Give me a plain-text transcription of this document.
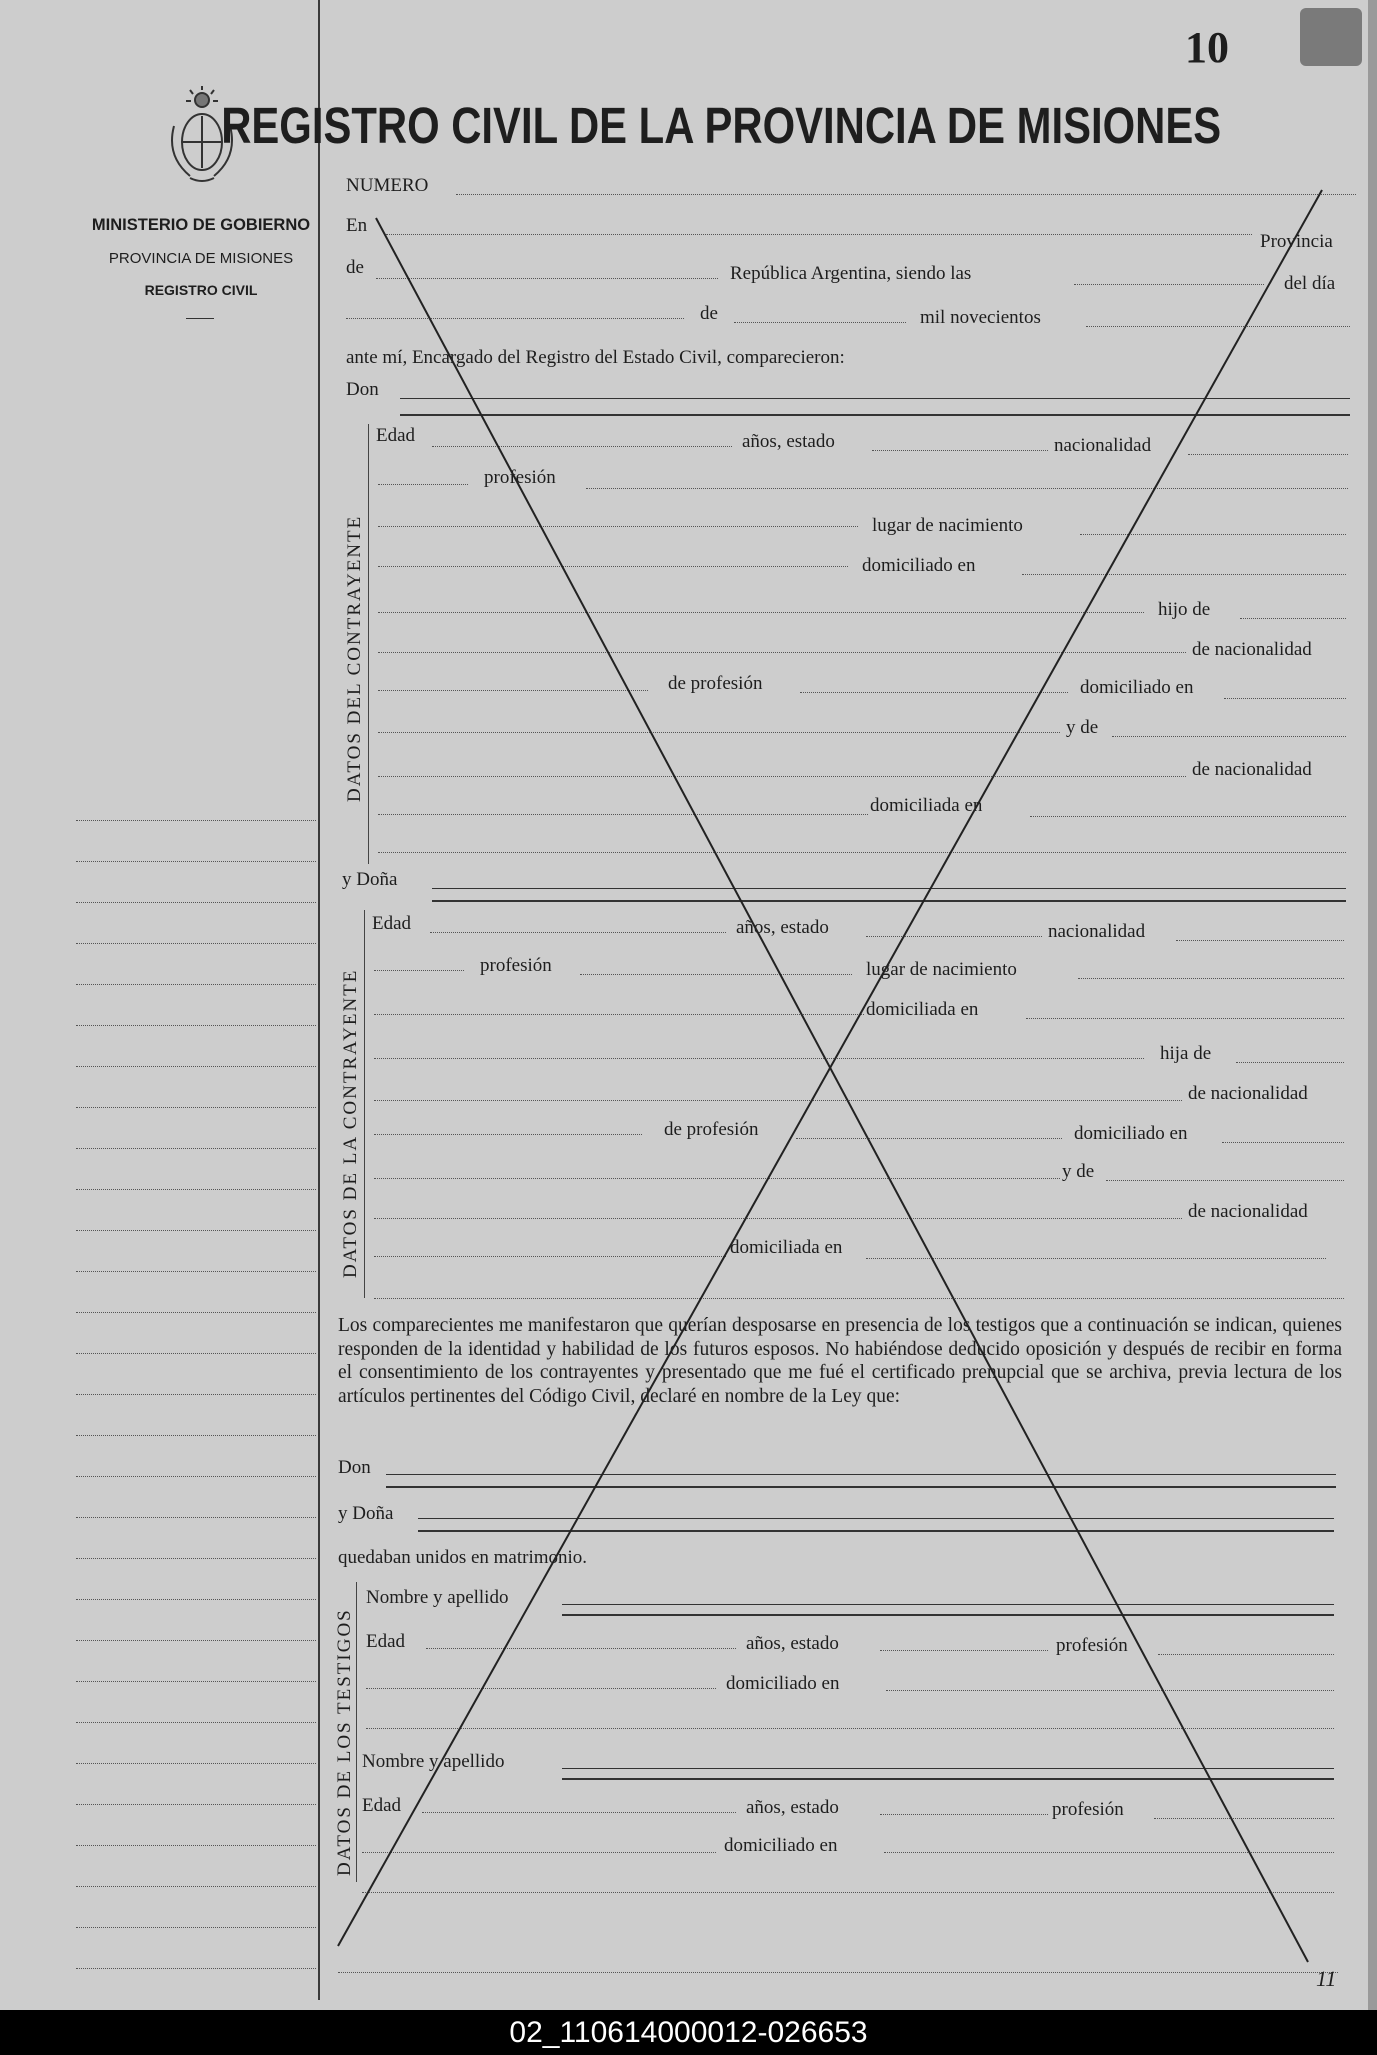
MINISTERIO DE GOBIERNO
PROVINCIA DE MISIONES
REGISTRO CIVIL
10
REGISTRO CIVIL DE LA PROVINCIA DE MISIONES
NUMERO
En
Provincia
de	República Argentina, siendo las	del día
de	mil novecientos
ante mí, Encargado del Registro del Estado Civil, comparecieron:
Don
DATOS DEL CONTRAYENTE
Edad	años, estado	nacionalidad
profesión
lugar de nacimiento
domiciliado en
hijo de
de nacionalidad
de profesión	domiciliado en
y de
de nacionalidad
domiciliada en
y Doña
DATOS DE LA CONTRAYENTE
Edad	años, estado	nacionalidad
profesión	lugar de nacimiento
domiciliada en
hija de
de nacionalidad
de profesión	domiciliado en
y de
de nacionalidad
domiciliada en
Los comparecientes me manifestaron que querían desposarse en presencia de los testigos que a continuación se indican, quienes responden de la identidad y habilidad de los futuros esposos. No habiéndose deducido oposición y después de recibir en forma el consentimiento de los contrayentes y presentado que me fué el certificado prenupcial que se archiva, previa lectura de los artículos pertinentes del Código Civil, declaré en nombre de la Ley que:
Don
y Doña
quedaban unidos en matrimonio.
DATOS DE LOS TESTIGOS
Nombre y apellido
Edad	años, estado	profesión
domiciliado en
Nombre y apellido
Edad	años, estado	profesión
domiciliado en
11
02_110614000012-026653
